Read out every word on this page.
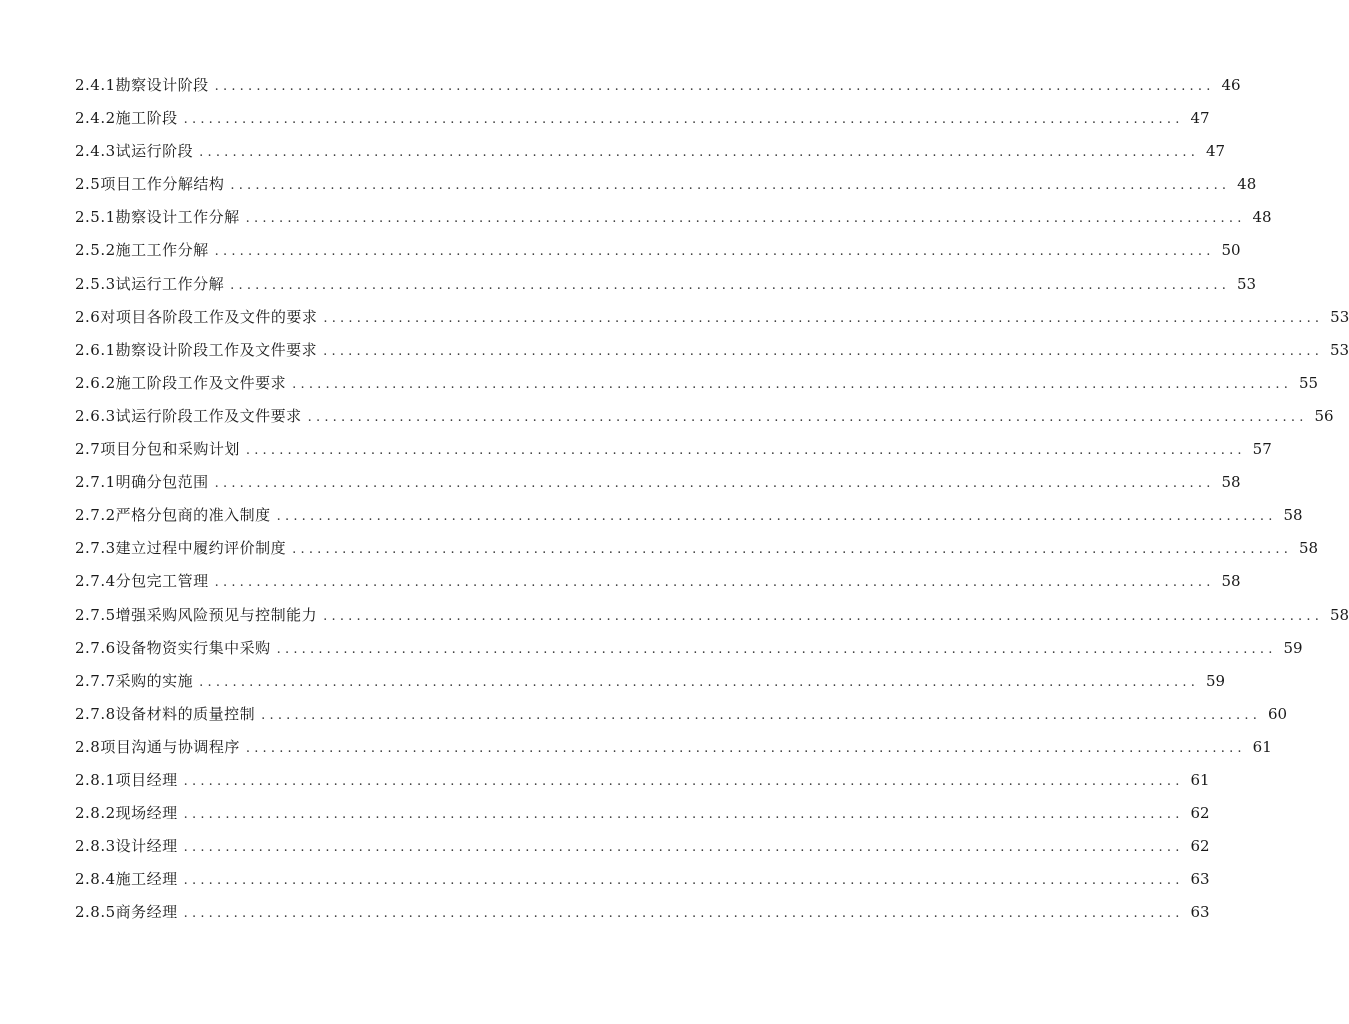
2.4.1勘察设计阶段 ........................................................................................................................ 46
2.4.2施工阶段 ........................................................................................................................ 47
2.4.3试运行阶段 ........................................................................................................................ 47
2.5项目工作分解结构 ........................................................................................................................ 48
2.5.1勘察设计工作分解 ........................................................................................................................ 48
2.5.2施工工作分解 ........................................................................................................................ 50
2.5.3试运行工作分解 ........................................................................................................................ 53
2.6对项目各阶段工作及文件的要求 ........................................................................................................................ 53
2.6.1勘察设计阶段工作及文件要求 ........................................................................................................................ 53
2.6.2施工阶段工作及文件要求 ........................................................................................................................ 55
2.6.3试运行阶段工作及文件要求 ........................................................................................................................ 56
2.7项目分包和采购计划 ........................................................................................................................ 57
2.7.1明确分包范围 ........................................................................................................................ 58
2.7.2严格分包商的准入制度 ........................................................................................................................ 58
2.7.3建立过程中履约评价制度 ........................................................................................................................ 58
2.7.4分包完工管理 ........................................................................................................................ 58
2.7.5增强采购风险预见与控制能力 ........................................................................................................................ 58
2.7.6设备物资实行集中采购 ........................................................................................................................ 59
2.7.7采购的实施 ........................................................................................................................ 59
2.7.8设备材料的质量控制 ........................................................................................................................ 60
2.8项目沟通与协调程序 ........................................................................................................................ 61
2.8.1项目经理 ........................................................................................................................ 61
2.8.2现场经理 ........................................................................................................................ 62
2.8.3设计经理 ........................................................................................................................ 62
2.8.4施工经理 ........................................................................................................................ 63
2.8.5商务经理 ........................................................................................................................ 63
